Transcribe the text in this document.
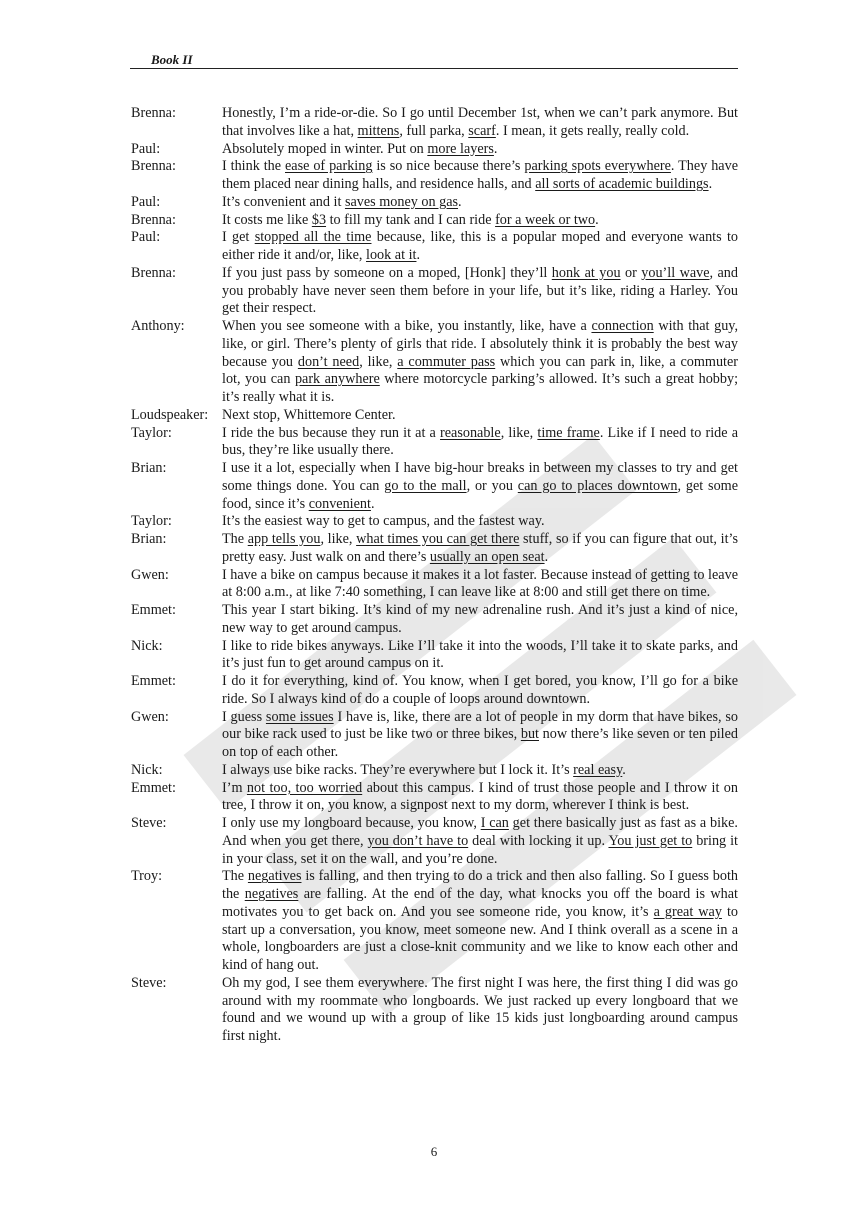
Book II
Brenna:	Honestly, I’m a ride-or-die. So I go until December 1st, when we can’t park anymore. But that involves like a hat, mittens, full parka, scarf. I mean, it gets really, really cold.
Paul:	Absolutely moped in winter. Put on more layers.
Brenna:	I think the ease of parking is so nice because there’s parking spots everywhere. They have them placed near dining halls, and residence halls, and all sorts of academic buildings.
Paul:	It’s convenient and it saves money on gas.
Brenna:	It costs me like $3 to fill my tank and I can ride for a week or two.
Paul:	I get stopped all the time because, like, this is a popular moped and everyone wants to either ride it and/or, like, look at it.
Brenna:	If you just pass by someone on a moped, [Honk] they’ll honk at you or you’ll wave, and you probably have never seen them before in your life, but it’s like, riding a Harley. You get their respect.
Anthony:	When you see someone with a bike, you instantly, like, have a connection with that guy, like, or girl. There’s plenty of girls that ride. I absolutely think it is probably the best way because you don’t need, like, a commuter pass which you can park in, like, a commuter lot, you can park anywhere where motorcycle parking’s allowed. It’s such a great hobby; it’s really what it is.
Loudspeaker: Next stop, Whittemore Center.
Taylor:	I ride the bus because they run it at a reasonable, like, time frame. Like if I need to ride a bus, they’re like usually there.
Brian:	I use it a lot, especially when I have big-hour breaks in between my classes to try and get some things done. You can go to the mall, or you can go to places downtown, get some food, since it’s convenient.
Taylor:	It’s the easiest way to get to campus, and the fastest way.
Brian:	The app tells you, like, what times you can get there stuff, so if you can figure that out, it’s pretty easy. Just walk on and there’s usually an open seat.
Gwen:	I have a bike on campus because it makes it a lot faster. Because instead of getting to leave at 8:00 a.m., at like 7:40 something, I can leave like at 8:00 and still get there on time.
Emmet:	This year I start biking. It’s kind of my new adrenaline rush. And it’s just a kind of nice, new way to get around campus.
Nick:	I like to ride bikes anyways. Like I’ll take it into the woods, I’ll take it to skate parks, and it’s just fun to get around campus on it.
Emmet:	I do it for everything, kind of. You know, when I get bored, you know, I’ll go for a bike ride. So I always kind of do a couple of loops around downtown.
Gwen:	I guess some issues I have is, like, there are a lot of people in my dorm that have bikes, so our bike rack used to just be like two or three bikes, but now there’s like seven or ten piled on top of each other.
Nick:	I always use bike racks. They’re everywhere but I lock it. It’s real easy.
Emmet:	I’m not too, too worried about this campus. I kind of trust those people and I throw it on tree, I throw it on, you know, a signpost next to my dorm, wherever I think is best.
Steve:	I only use my longboard because, you know, I can get there basically just as fast as a bike. And when you get there, you don’t have to deal with locking it up. You just get to bring it in your class, set it on the wall, and you’re done.
Troy:	The negatives is falling, and then trying to do a trick and then also falling. So I guess both the negatives are falling. At the end of the day, what knocks you off the board is what motivates you to get back on. And you see someone ride, you know, it’s a great way to start up a conversation, you know, meet someone new. And I think overall as a scene in a whole, longboarders are just a close-knit community and we like to know each other and kind of hang out.
Steve:	Oh my god, I see them everywhere. The first night I was here, the first thing I did was go around with my roommate who longboards. We just racked up every longboard that we found and we wound up with a group of like 15 kids just longboarding around campus first night.
6
